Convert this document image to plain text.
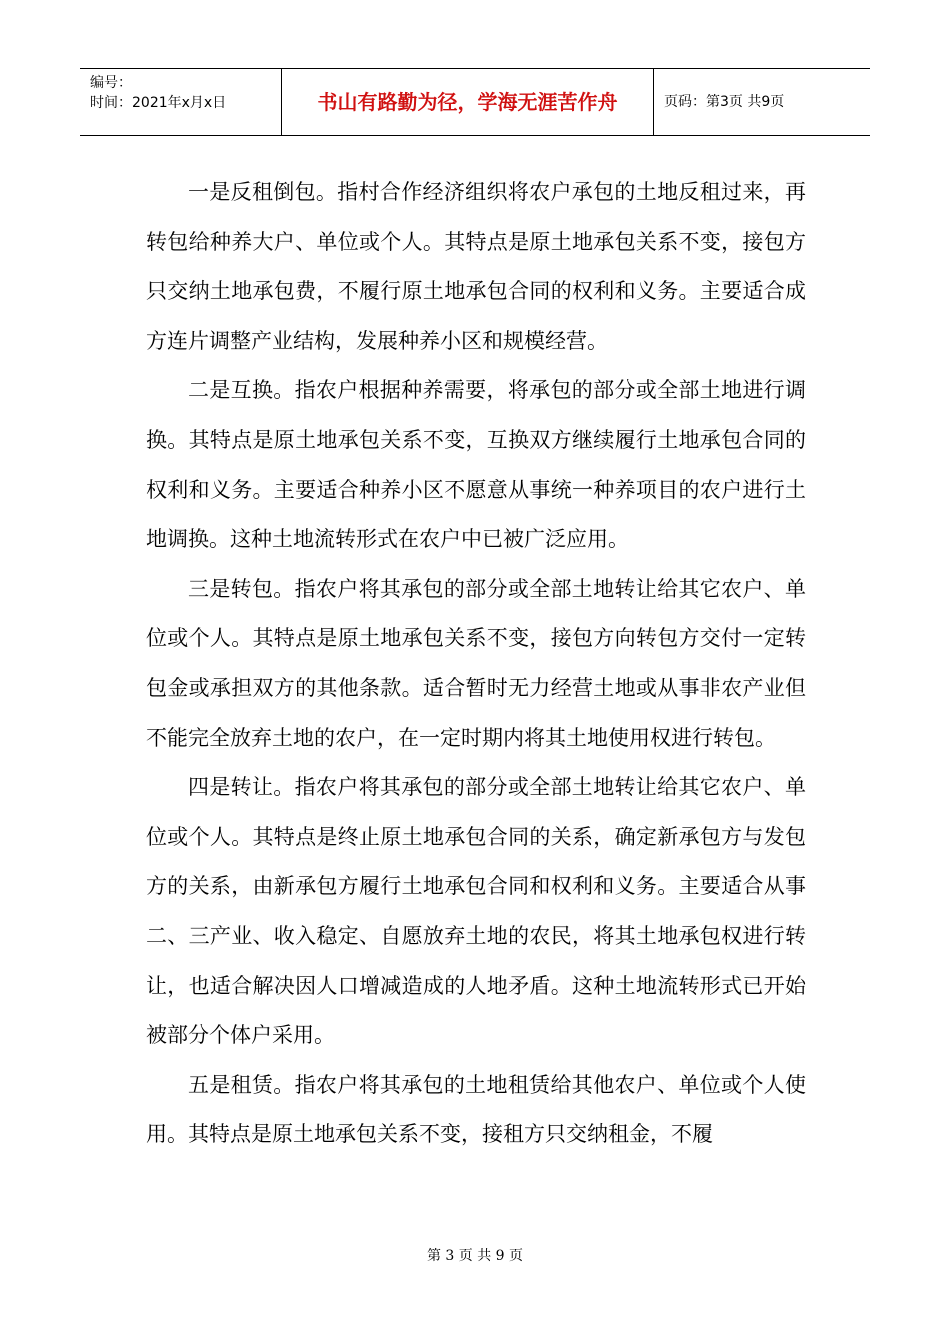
编号：
时间：2021年x月x日	书山有路勤为径，学海无涯苦作舟	页码：第3页 共9页

一是反租倒包。指村合作经济组织将农户承包的土地反租过来，再转包给种养大户、单位或个人。其特点是原土地承包关系不变，接包方只交纳土地承包费，不履行原土地承包合同的权利和义务。主要适合成方连片调整产业结构，发展种养小区和规模经营。

二是互换。指农户根据种养需要，将承包的部分或全部土地进行调换。其特点是原土地承包关系不变，互换双方继续履行土地承包合同的权利和义务。主要适合种养小区不愿意从事统一种养项目的农户进行土地调换。这种土地流转形式在农户中已被广泛应用。

三是转包。指农户将其承包的部分或全部土地转让给其它农户、单位或个人。其特点是原土地承包关系不变，接包方向转包方交付一定转包金或承担双方的其他条款。适合暂时无力经营土地或从事非农产业但不能完全放弃土地的农户，在一定时期内将其土地使用权进行转包。

四是转让。指农户将其承包的部分或全部土地转让给其它农户、单位或个人。其特点是终止原土地承包合同的关系，确定新承包方与发包方的关系，由新承包方履行土地承包合同和权利和义务。主要适合从事二、三产业、收入稳定、自愿放弃土地的农民，将其土地承包权进行转让，也适合解决因人口增减造成的人地矛盾。这种土地流转形式已开始被部分个体户采用。

五是租赁。指农户将其承包的土地租赁给其他农户、单位或个人使用。其特点是原土地承包关系不变，接租方只交纳租金，不履

第 3 页 共 9 页
